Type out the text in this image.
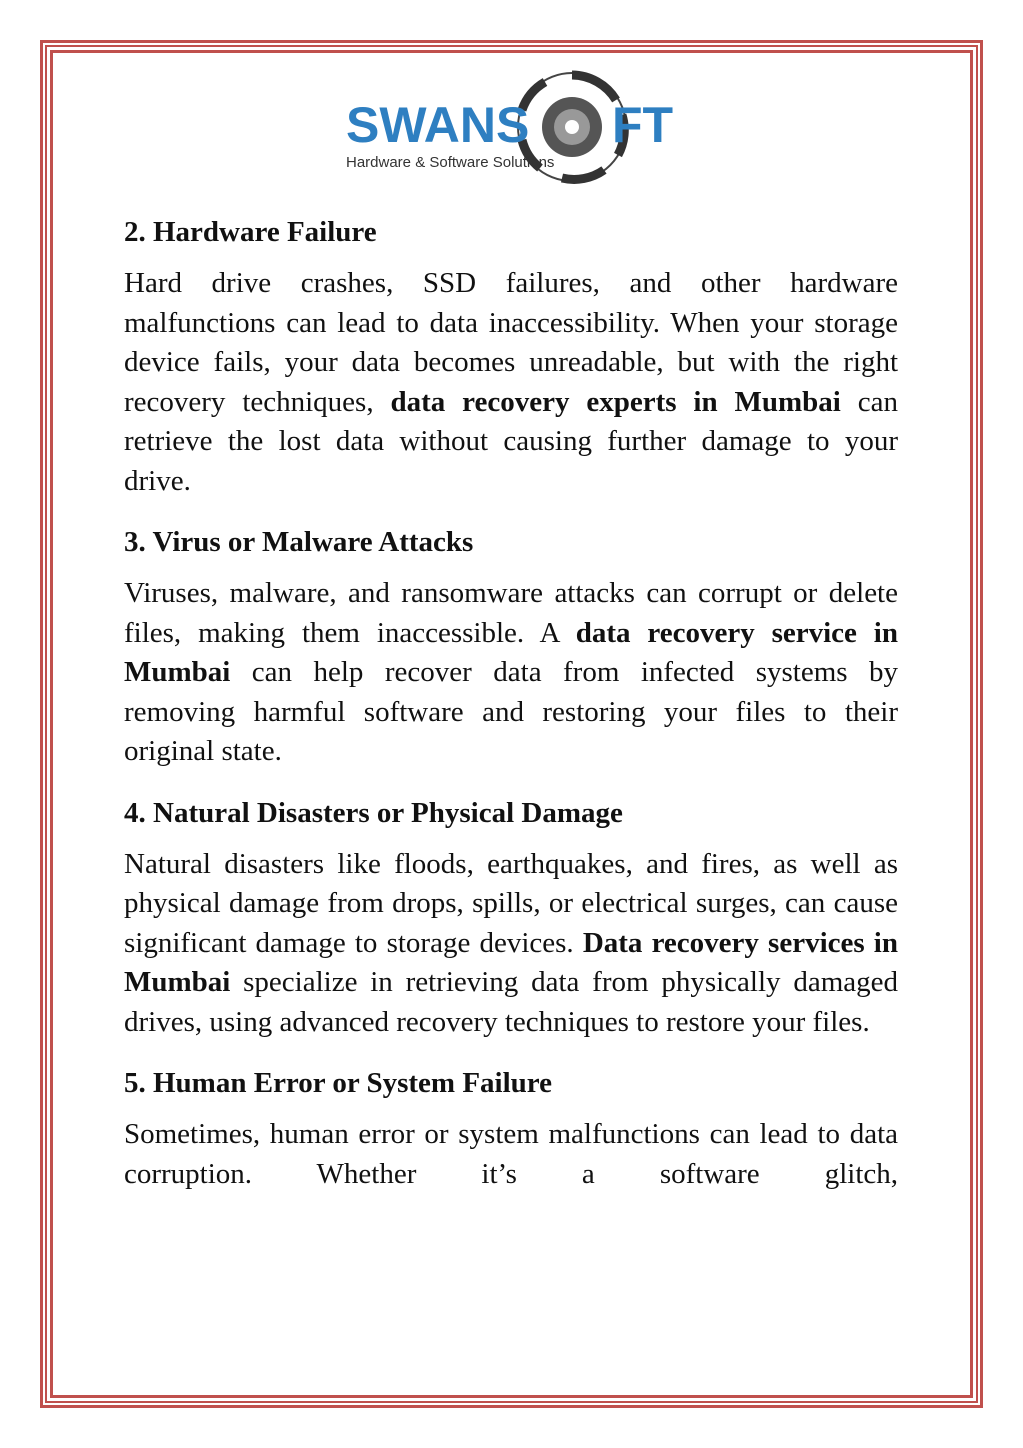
SWANS FT
Hardware & Software Solutions
2. Hardware Failure

Hard drive crashes, SSD failures, and other hardware malfunctions can lead to data inaccessibility. When your storage device fails, your data becomes unreadable, but with the right recovery techniques, data recovery experts in Mumbai can retrieve the lost data without causing further damage to your drive.

3. Virus or Malware Attacks

Viruses, malware, and ransomware attacks can corrupt or delete files, making them inaccessible. A data recovery service in Mumbai can help recover data from infected systems by removing harmful software and restoring your files to their original state.

4. Natural Disasters or Physical Damage

Natural disasters like floods, earthquakes, and fires, as well as physical damage from drops, spills, or electrical surges, can cause significant damage to storage devices. Data recovery services in Mumbai specialize in retrieving data from physically damaged drives, using advanced recovery techniques to restore your files.

5. Human Error or System Failure

Sometimes, human error or system malfunctions can lead to data corruption. Whether it’s a software glitch,
